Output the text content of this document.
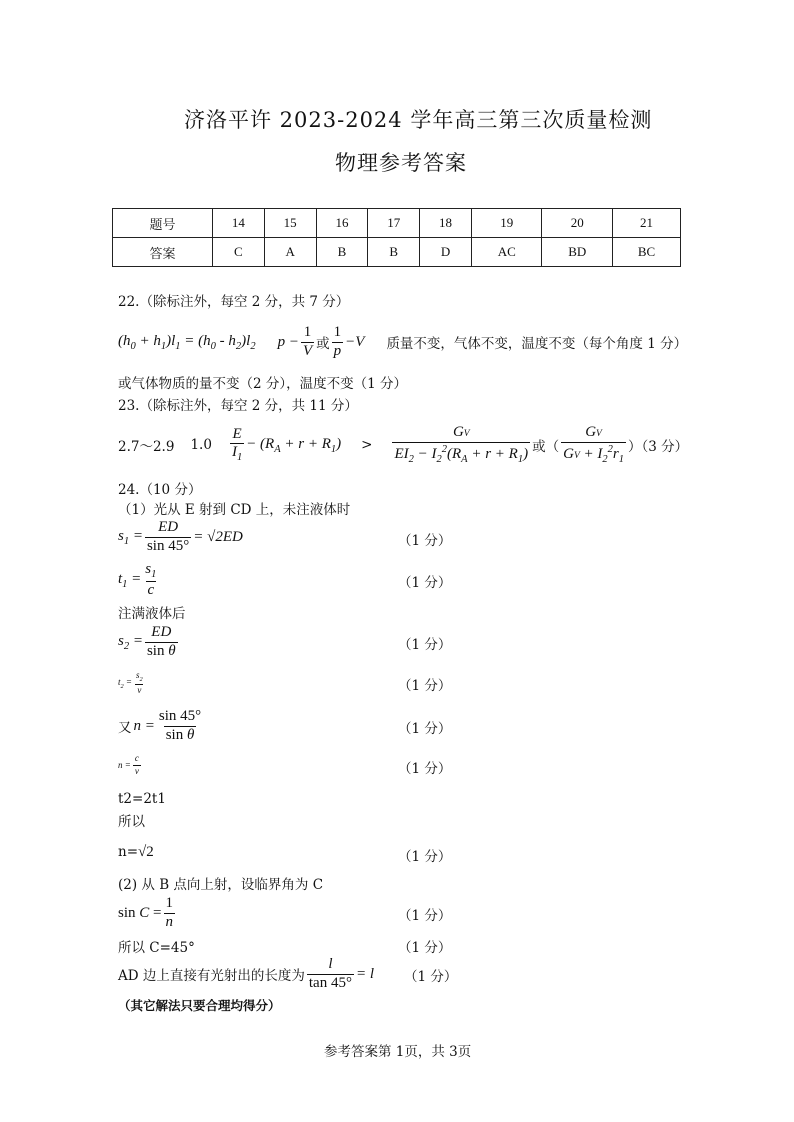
济洛平许 2023-2024 学年高三第三次质量检测
物理参考答案
题号	14	15	16	17	18	19	20	21
答案	C	A	B	B	D	AC	BD	BC
22.（除标注外，每空 2 分，共 7 分）
$(h_0 + h_1)l_1 = (h_0 - h_2)l_2$ $p - \frac{1}{V}$ 或 $\frac{1}{p} -V$ 质量不变，气体不变，温度不变（每个角度 1 分）
或气体物质的量不变（2 分），温度不变（1 分）
23.（除标注外，每空 2 分，共 11 分）
2.7～2.9 $1.0 \frac{E}{I_1} - (R_A + r + R_1) > \frac{GV}{EI_2 - I_2^2(R_A + r + R_1)}$ 或（ $\frac{GV}{GV + I_2^2r_1} )(3$ 分）
24.（10 分）
（1）光从 E 射到 CD 上，未注液体时
$s_1 = \frac{ED}{\sin 45^\circ} = √2ED$	（1 分）
$t_1 = \frac{s_1}{c}$	（1 分）
注满液体后
$s_2 = \frac{ED}{\text{sin θ}}$	（1 分）
$t_2 = \frac{s_2}{v}$	（1 分）
又 $n = \frac{\sin 45^\circ}{\text{sin θ}}$	（1 分）
$n = \frac{c}{v}$	（1 分）
t2=2t1
所以
n= √2	（1 分）
(2) 从 B 点向上射，设临界角为 C
$\sin C = \frac{1}{n}$	（1 分）
所以 C=45°	（1 分）
AD 边上直接有光射出的长度为 $\frac{l}{\tan 45^\circ} = l$ （1 分）
（其它解法只要合理均得分）
参考答案第 1页，共 3页
